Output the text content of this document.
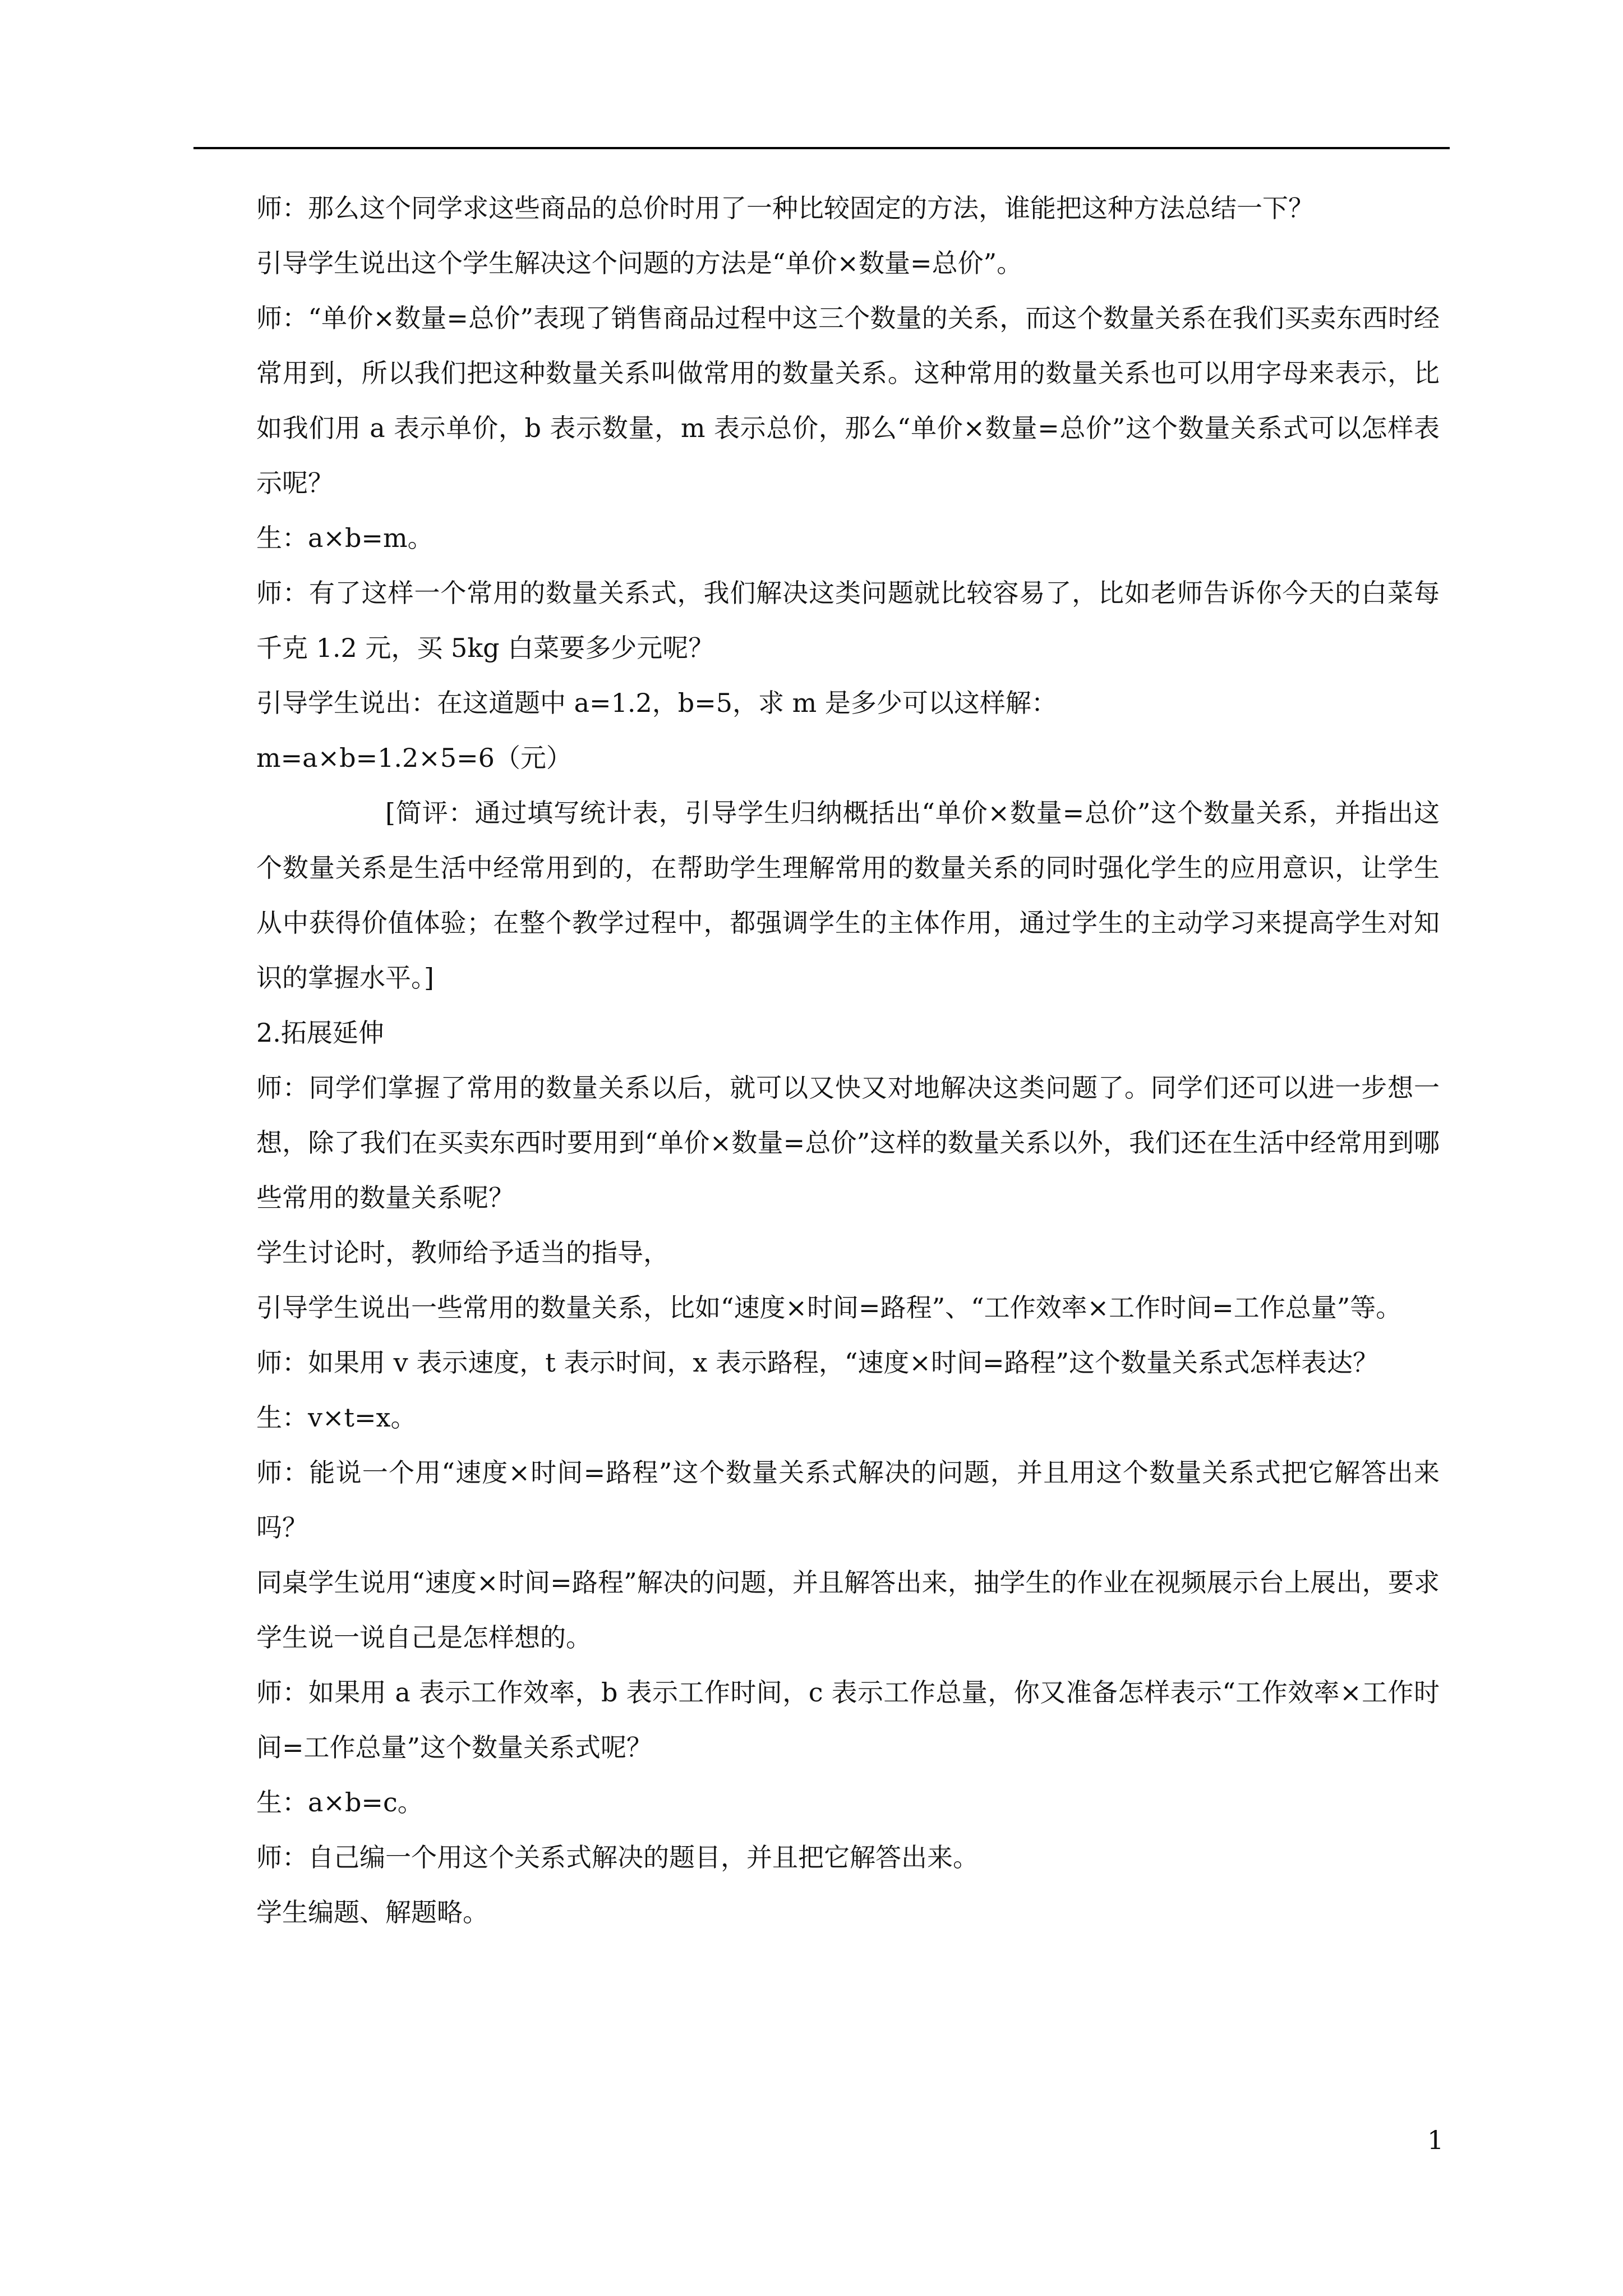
师：那么这个同学求这些商品的总价时用了一种比较固定的方法，谁能把这种方法总结一下？

引导学生说出这个学生解决这个问题的方法是“单价×数量=总价”。

师：“单价×数量=总价”表现了销售商品过程中这三个数量的关系，而这个数量关系在我们买卖东西时经常用到，所以我们把这种数量关系叫做常用的数量关系。这种常用的数量关系也可以用字母来表示，比如我们用 a 表示单价，b 表示数量，m 表示总价，那么“单价×数量=总价”这个数量关系式可以怎样表示呢？

生：a×b=m。

师：有了这样一个常用的数量关系式，我们解决这类问题就比较容易了，比如老师告诉你今天的白菜每千克 1.2 元，买 5kg 白菜要多少元呢？

引导学生说出：在这道题中 a=1.2，b=5，求 m 是多少可以这样解：

m=a×b=1.2×5=6（元）

[简评：通过填写统计表，引导学生归纳概括出“单价×数量=总价”这个数量关系，并指出这个数量关系是生活中经常用到的，在帮助学生理解常用的数量关系的同时强化学生的应用意识，让学生从中获得价值体验；在整个教学过程中，都强调学生的主体作用，通过学生的主动学习来提高学生对知识的掌握水平。]

2.拓展延伸

师：同学们掌握了常用的数量关系以后，就可以又快又对地解决这类问题了。同学们还可以进一步想一想，除了我们在买卖东西时要用到“单价×数量=总价”这样的数量关系以外，我们还在生活中经常用到哪些常用的数量关系呢？

学生讨论时，教师给予适当的指导，

引导学生说出一些常用的数量关系，比如“速度×时间=路程”、“工作效率×工作时间=工作总量”等。

师：如果用 v 表示速度，t 表示时间，x 表示路程，“速度×时间=路程”这个数量关系式怎样表达？

生：v×t=x。

师：能说一个用“速度×时间=路程”这个数量关系式解决的问题，并且用这个数量关系式把它解答出来吗？

同桌学生说用“速度×时间=路程”解决的问题，并且解答出来，抽学生的作业在视频展示台上展出，要求学生说一说自己是怎样想的。

师：如果用 a 表示工作效率，b 表示工作时间，c 表示工作总量，你又准备怎样表示“工作效率×工作时间=工作总量”这个数量关系式呢？

生：a×b=c。

师：自己编一个用这个关系式解决的题目，并且把它解答出来。

学生编题、解题略。

1
